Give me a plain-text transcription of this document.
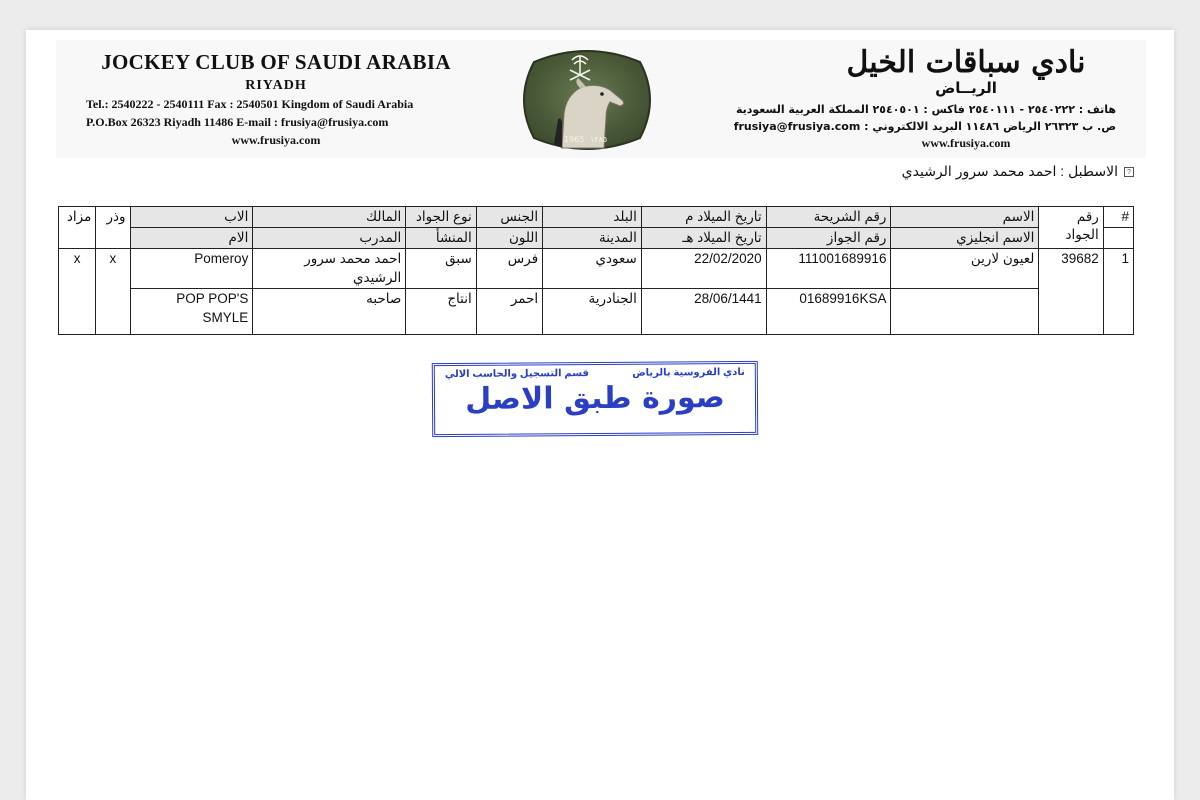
JOCKEY CLUB OF SAUDI ARABIA
RIYADH
Tel.: 2540222 - 2540111 Fax : 2540501 Kingdom of Saudi Arabia
P.O.Box 26323 Riyadh 11486 E-mail : frusiya@frusiya.com
www.frusiya.com	1965 ١٣٨٥
نادي سباقات الخيل
الريــاض
هاتف : ٢٥٤٠٢٢٢ - ٢٥٤٠١١١ فاكس : ٢٥٤٠٥٠١ المملكة العربية السعودية
ص. ب ٢٦٣٢٣ الرياض ١١٤٨٦ البريد الالكتروني : frusiya@frusiya.com
www.frusiya.com
?
الاسطبل : احمد محمد سرور الرشيدي
#	رقم الجواد	الاسم	رقم الشريحة	تاريخ الميلاد م	البلد	الجنس	نوع الجواد	المالك	الاب	وذر	مزاد
		الاسم انجليزي	رقم الجواز	تاريخ الميلاد هـ	المدينة	اللون	المنشأ	المدرب	الام		
1	39682	لعيون لارين	111001689916	22/02/2020	سعودي	فرس	سبق	احمد محمد سرور الرشيدي	Pomeroy	x	x
			01689916KSA	28/06/1441	الجنادرية	احمر	انتاج	صاحبه	POP POP'S SMYLE		
نادي الفروسية بالرياض
قسم التسجيل والحاسب الالي
صورة طبق الاصل
